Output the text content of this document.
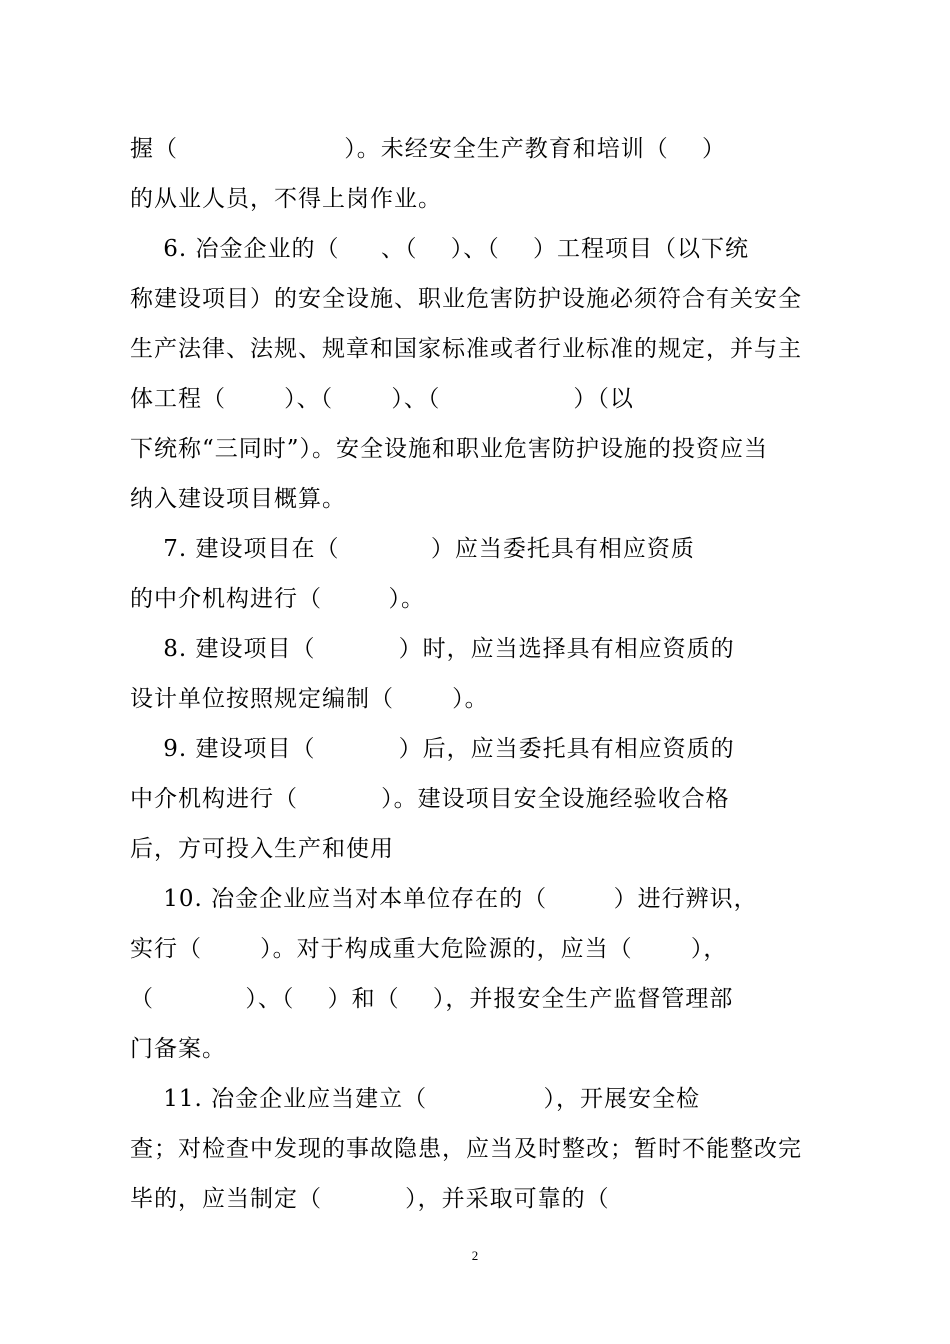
握（                    ）。未经安全生产教育和培训（    ）
的从业人员，不得上岗作业。
6. 冶金企业的（     、（    ）、（    ）工程项目（以下统
称建设项目）的安全设施、职业危害防护设施必须符合有关安全
生产法律、法规、规章和国家标准或者行业标准的规定，并与主
体工程（       ）、（       ）、（                ）（以
下统称“三同时”）。安全设施和职业危害防护设施的投资应当
纳入建设项目概算。
7. 建设项目在（           ）应当委托具有相应资质
的中介机构进行（        ）。
8. 建设项目（          ）时，应当选择具有相应资质的
设计单位按照规定编制（       ）。
9. 建设项目（          ）后，应当委托具有相应资质的
中介机构进行（          ）。建设项目安全设施经验收合格
后，方可投入生产和使用
10. 冶金企业应当对本单位存在的（        ）进行辨识，
实行（       ）。对于构成重大危险源的，应当（       ），
（           ）、（    ）和（    ），并报安全生产监督管理部
门备案。
11. 冶金企业应当建立（              ），开展安全检
查；对检查中发现的事故隐患，应当及时整改；暂时不能整改完
毕的，应当制定（          ），并采取可靠的（
2
